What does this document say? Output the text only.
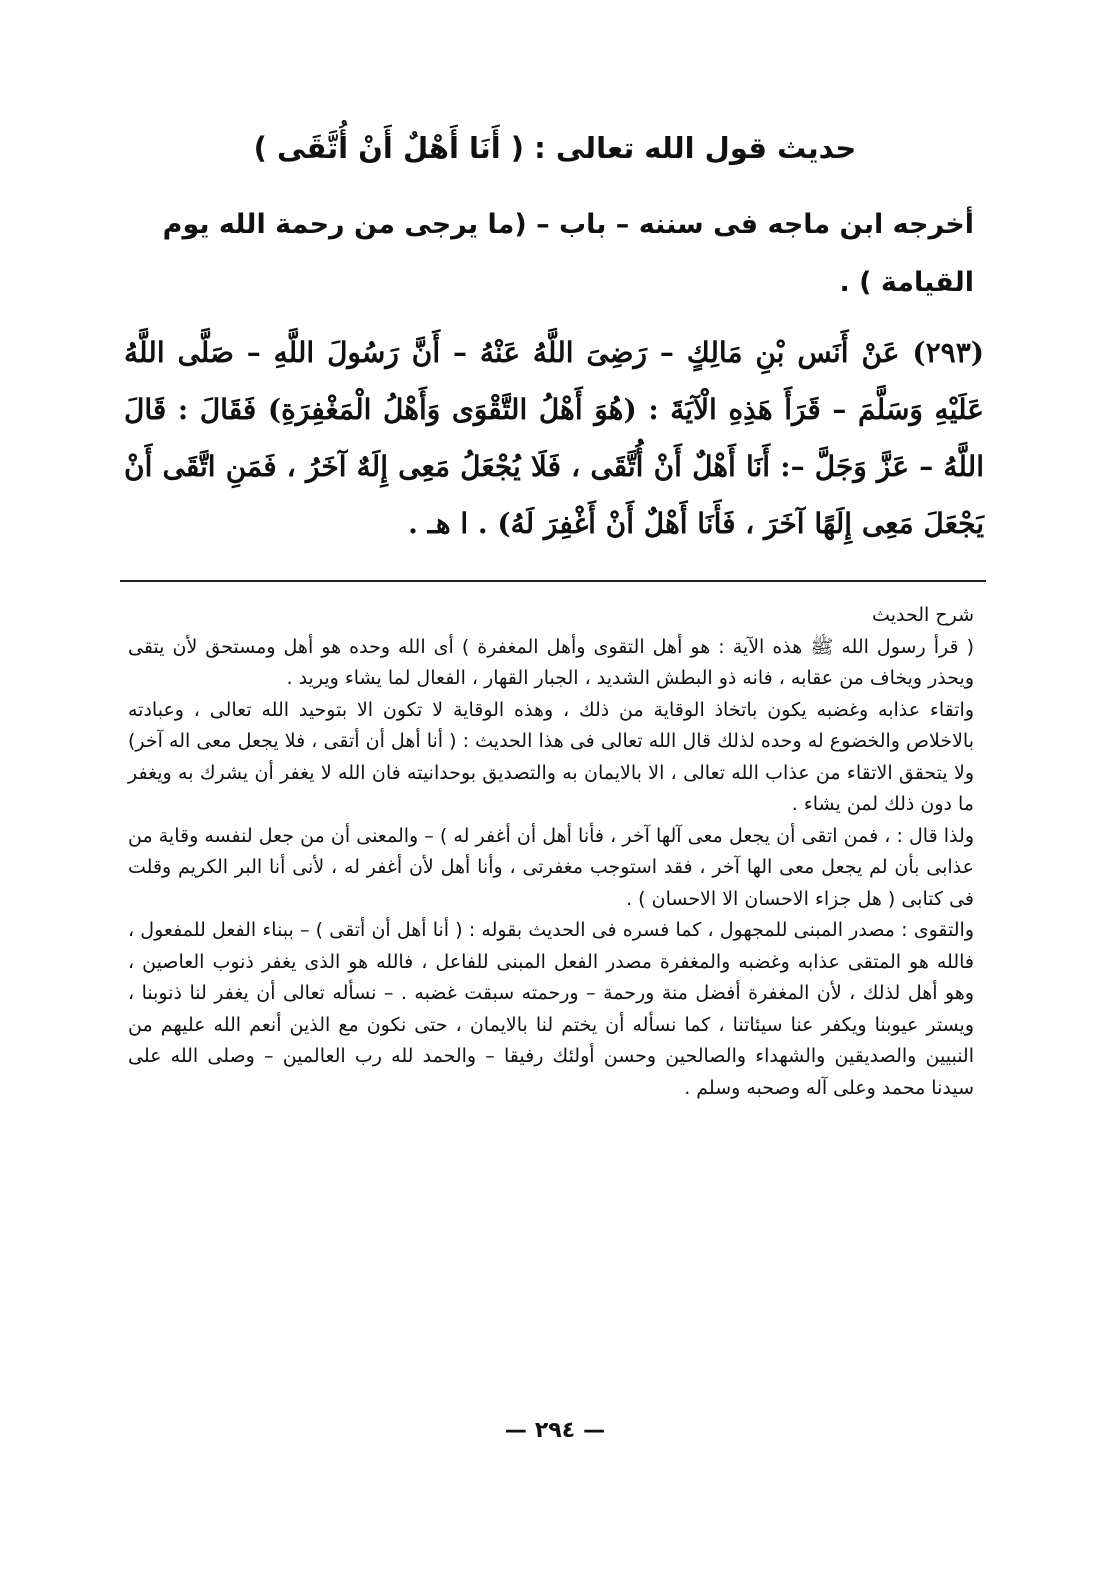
حديث قول الله تعالى : ( أَنَا أَهْلٌ أَنْ أُتَّقَى )

أخرجه ابن ماجه فى سننه – باب – (ما يرجى من رحمة الله يوم القيامة ) .

(٢٩٣) عَنْ أَنَس بْنِ مَالِكٍ – رَضِىَ اللَّهُ عَنْهُ – أَنَّ رَسُولَ اللَّهِ – صَلَّى اللَّهُ عَلَيْهِ وَسَلَّمَ – قَرَأَ هَذِهِ الْآيَةَ : (هُوَ أَهْلُ التَّقْوَى وَأَهْلُ الْمَغْفِرَةِ) فَقَالَ : قَالَ اللَّهُ – عَزَّ وَجَلَّ –: أَنَا أَهْلٌ أَنْ أُتَّقَى ، فَلَا يُجْعَلُ مَعِى إِلَهٌ آخَرُ ، فَمَنِ اتَّقَى أَنْ يَجْعَلَ مَعِى إِلَهًا آخَرَ ، فَأَنَا أَهْلٌ أَنْ أَغْفِرَ لَهُ) . ا هـ .

شرح الحديث

( قرأ رسول الله ﷺ هذه الآية : هو أهل التقوى وأهل المغفرة ) أى الله وحده هو أهل ومستحق لأن يتقى ويحذر ويخاف من عقابه ، فانه ذو البطش الشديد ، الجبار القهار ، الفعال لما يشاء ويريد .

واتقاء عذابه وغضبه يكون باتخاذ الوقاية من ذلك ، وهذه الوقاية لا تكون الا بتوحيد الله تعالى ، وعبادته بالاخلاص والخضوع له وحده لذلك قال الله تعالى فى هذا الحديث : ( أنا أهل أن أتقى ، فلا يجعل معى اله آخر) ولا يتحقق الاتقاء من عذاب الله تعالى ، الا بالايمان به والتصديق بوحدانيته فان الله لا يغفر أن يشرك به ويغفر ما دون ذلك لمن يشاء .

ولذا قال : ، فمن اتقى أن يجعل معى آلها آخر ، فأنا أهل أن أغفر له ) – والمعنى أن من جعل لنفسه وقاية من عذابى بأن لم يجعل معى الها آخر ، فقد استوجب مغفرتى ، وأنا أهل لأن أغفر له ، لأنى أنا البر الكريم وقلت فى كتابى ( هل جزاء الاحسان الا الاحسان ) .

والتقوى : مصدر المبنى للمجهول ، كما فسره فى الحديث بقوله : ( أنا أهل أن أتقى ) – ببناء الفعل للمفعول ، فالله هو المتقى عذابه وغضبه والمغفرة مصدر الفعل المبنى للفاعل ، فالله هو الذى يغفر ذنوب العاصين ، وهو أهل لذلك ، لأن المغفرة أفضل منة ورحمة – ورحمته سبقت غضبه . – نسأله تعالى أن يغفر لنا ذنوبنا ، ويستر عيوبنا ويكفر عنا سيئاتنا ، كما نسأله أن يختم لنا بالايمان ، حتى نكون مع الذين أنعم الله عليهم من النبيين والصديقين والشهداء والصالحين وحسن أولئك رفيقا – والحمد لله رب العالمين – وصلى الله على سيدنا محمد وعلى آله وصحبه وسلم .

— ٢٩٤ —
